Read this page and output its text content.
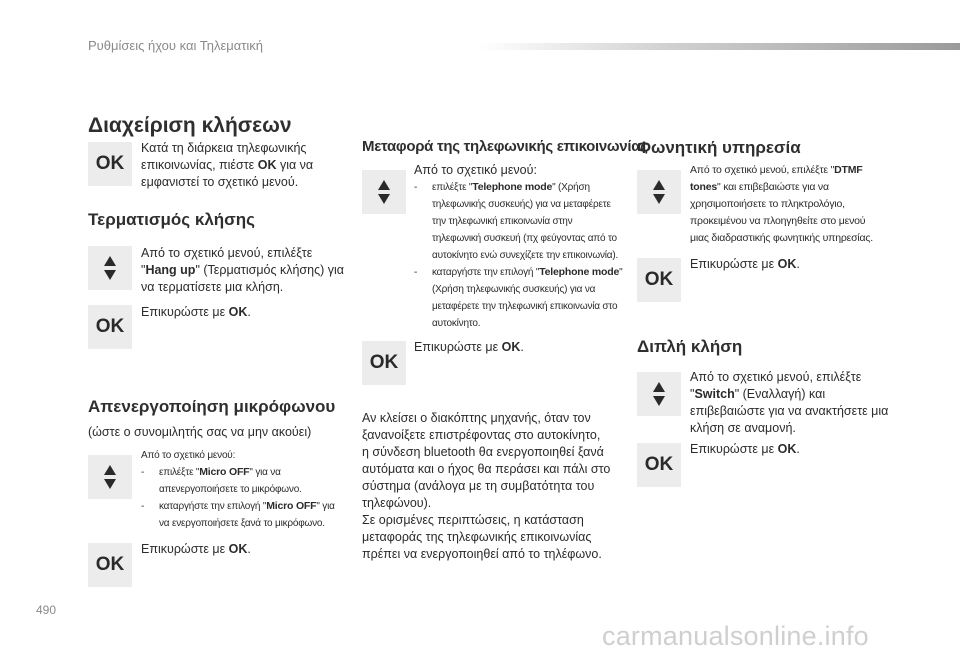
Ρυθμίσεις ήχου και Τηλεματική
Διαχείριση κλήσεων
OK
Κατά τη διάρκεια τηλεφωνικής
επικοινωνίας, πιέστε OK για να
εμφανιστεί το σχετικό μενού.
Τερματισμός κλήσης
Από το σχετικό μενού, επιλέξτε
"Hang up" (Τερματισμός κλήσης) για
να τερματίσετε μια κλήση.
OK
Επικυρώστε με OK.
Απενεργοποίηση μικρόφωνου
(ώστε ο συνομιλητής σας να μην ακούει)
Από το σχετικό μενού:
- επιλέξτε "Micro OFF" για να
απενεργοποιήσετε το μικρόφωνο.
- καταργήστε την επιλογή "Micro OFF" για
να ενεργοποιήσετε ξανά το μικρόφωνο.
OK
Επικυρώστε με OK.
Μεταφορά της τηλεφωνικής επικοινωνίας
Από το σχετικό μενού:
- επιλέξτε "Telephone mode" (Χρήση
τηλεφωνικής συσκευής) για να μεταφέρετε
την τηλεφωνική επικοινωνία στην
τηλεφωνική συσκευή (πχ φεύγοντας από το
αυτοκίνητο ενώ συνεχίζετε την επικοινωνία).
- καταργήστε την επιλογή "Telephone mode"
(Χρήση τηλεφωνικής συσκευής) για να
μεταφέρετε την τηλεφωνική επικοινωνία στο
αυτοκίνητο.
OK
Επικυρώστε με OK.
Αν κλείσει ο διακόπτης μηχανής, όταν τον
ξανανοίξετε επιστρέφοντας στο αυτοκίνητο,
η σύνδεση bluetooth θα ενεργοποιηθεί ξανά
αυτόματα και ο ήχος θα περάσει και πάλι στο
σύστημα (ανάλογα με τη συμβατότητα του
τηλεφώνου).
Σε ορισμένες περιπτώσεις, η κατάσταση
μεταφοράς της τηλεφωνικής επικοινωνίας
πρέπει να ενεργοποιηθεί από το τηλέφωνο.
Φωνητική υπηρεσία
Από το σχετικό μενού, επιλέξτε "DTMF
tones" και επιβεβαιώστε για να
χρησιμοποιήσετε το πληκτρολόγιο,
προκειμένου να πλοηγηθείτε στο μενού
μιας διαδραστικής φωνητικής υπηρεσίας.
OK
Επικυρώστε με OK.
Διπλή κλήση
Από το σχετικό μενού, επιλέξτε
"Switch" (Εναλλαγή) και
επιβεβαιώστε για να ανακτήσετε μια
κλήση σε αναμονή.
OK
Επικυρώστε με OK.
490
carmanualsonline.info
